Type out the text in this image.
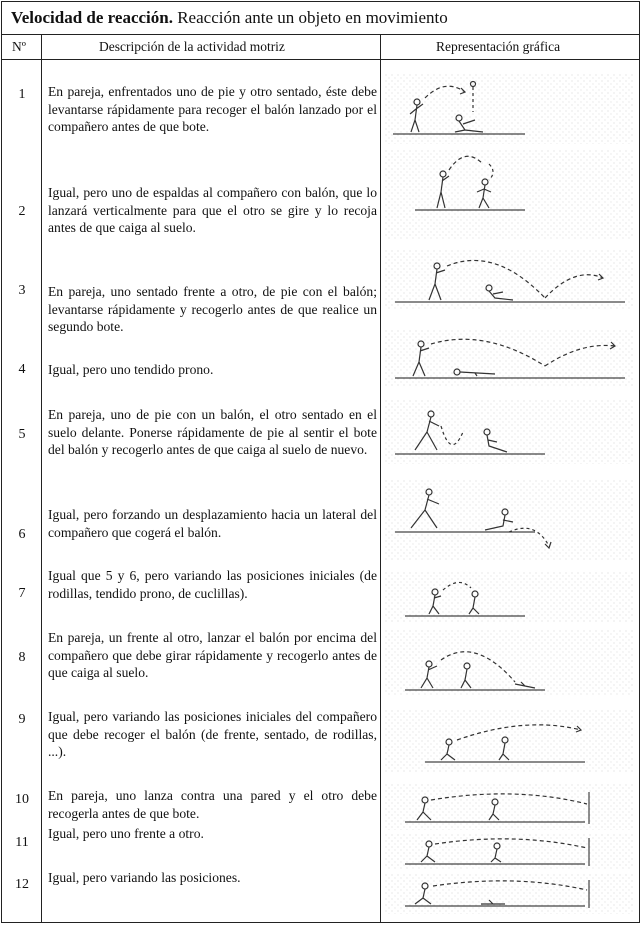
Velocidad de reacción. Reacción ante un objeto en movimiento
Nº	Descripción de la actividad motriz	Representación gráfica
1
2
3
4
5
6
7
8
9
10
11
12
En pareja, enfrentados uno de pie y otro sentado, éste debe levantarse rápidamente para recoger el balón lanzado por el compañero antes de que bote.
Igual, pero uno de espaldas al compañero con balón, que lo lanzará verticalmente para que el otro se gire y lo recoja antes de que caiga al suelo.
En pareja, uno sentado frente a otro, de pie con el balón; levantarse rápidamente y recogerlo antes de que realice un segundo bote.
Igual, pero uno tendido prono.
En pareja, uno de pie con un balón, el otro sentado en el suelo delante. Ponerse rápidamente de pie al sentir el bote del balón y recogerlo antes de que caiga al suelo de nuevo.
Igual, pero forzando un desplazamiento hacia un lateral del compañero que cogerá el balón.
Igual que 5 y 6, pero variando las posiciones iniciales (de rodillas, tendido prono, de cuclillas).
En pareja, un frente al otro, lanzar el balón por encima del compañero que debe girar rápidamente y recogerlo antes de que caiga al suelo.
Igual, pero variando las posiciones iniciales del compañero que debe recoger el balón (de frente, sentado, de rodillas, ...).
En pareja, uno lanza contra una pared y el otro debe recogerla antes de que bote.
Igual, pero uno frente a otro.
Igual, pero variando las posiciones.
